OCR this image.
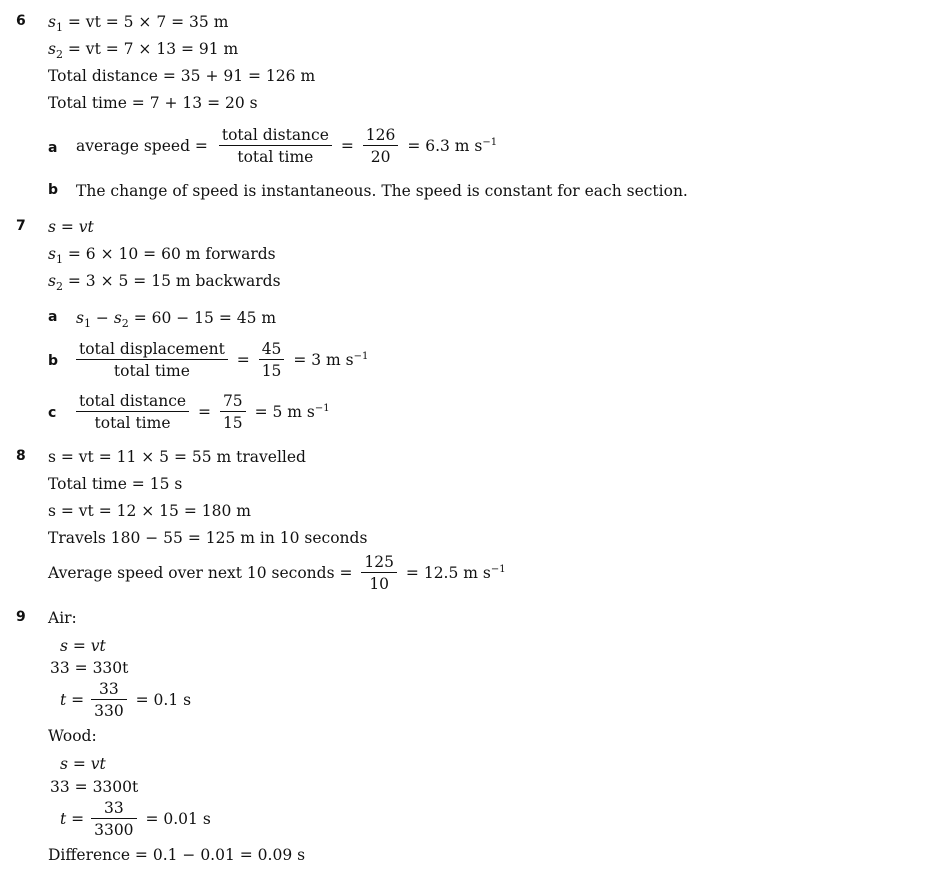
6 $s_1$ = vt = 5 × 7 = 35 m
$s_2$ = vt = 7 × 13 = 91 m
Total distance = 35 + 91 = 126 m
Total time = 7 + 13 = 20 s
a average speed = $\frac{\text{total distance}}{\text{total time}} = \frac{126}{20} = 6.3$ m $s^{-1}$
b The change of speed is instantaneous. The speed is constant for each section.
7 s = vt
$s_1 = 6 \times 10 = 60$ m forwards
$s_2 = 3 \times 5 = 15$ m backwards
a $s_1 - s_2 = 60 - 15 = 45$ m
b $\frac{\text{total displacement}}{\text{total time}} = \frac{45}{15} = 3$ m $s^{-1}$
c $\frac{\text{total distance}}{\text{total time}} = \frac{75}{15} = 5$ m $s^{-1}$
8 s = vt = 11 × 5 = 55 m travelled
Total time = 15 s
s = vt = 12 × 15 = 180 m
Travels 180 − 55 = 125 m in 10 seconds
Average speed over next 10 seconds = $\frac{125}{10} = 12.5$ m $s^{-1}$
9 Air:
s = vt
33 = 330t
$t = \frac{33}{330} = 0.1$ s
Wood:
s = vt
33 = 3300t
$t = \frac{33}{3300} = 0.01$ s
Difference = 0.1 − 0.01 = 0.09 s
